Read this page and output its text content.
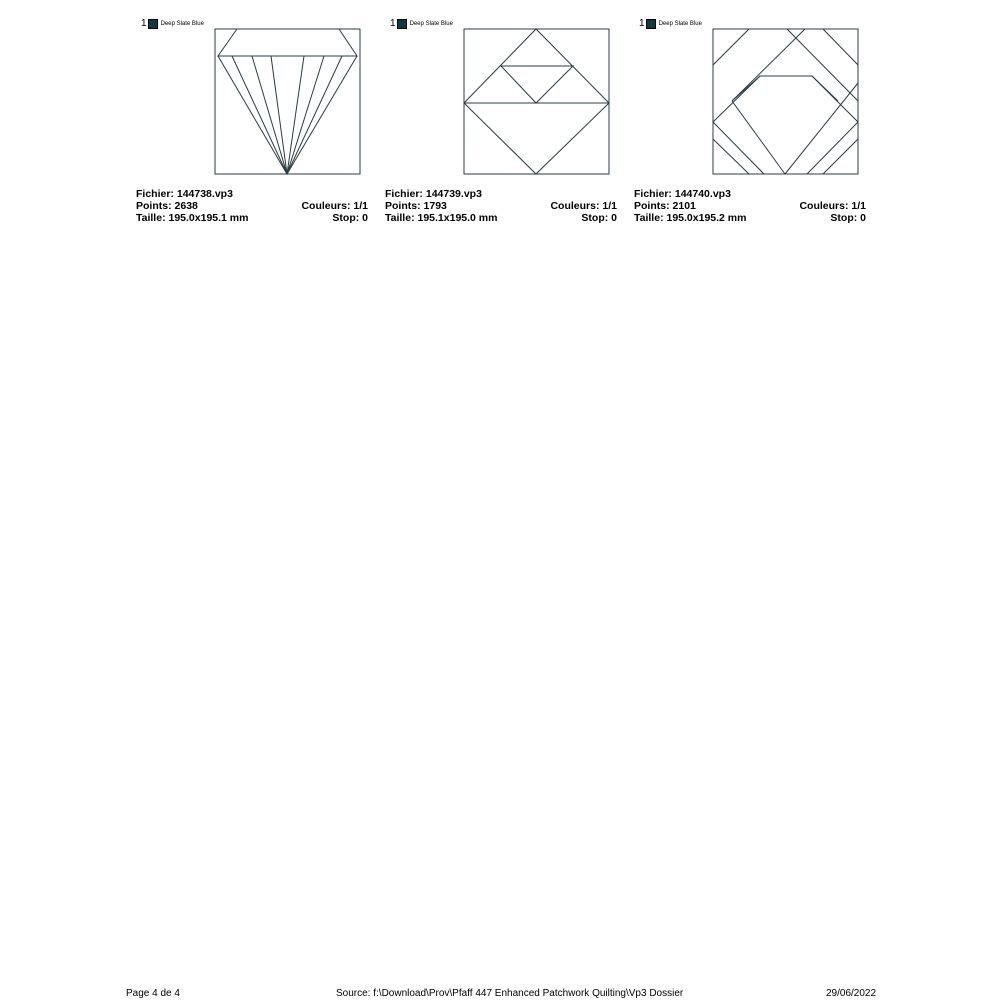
1 Deep Slate Blue
Fichier: 144738.vp3
Points: 2638	Couleurs: 1/1
Taille: 195.0x195.1 mm	Stop: 0
1 Deep Slate Blue
Fichier: 144739.vp3
Points: 1793	Couleurs: 1/1
Taille: 195.1x195.0 mm	Stop: 0
1 Deep Slate Blue
Fichier: 144740.vp3
Points: 2101	Couleurs: 1/1
Taille: 195.0x195.2 mm	Stop: 0
Page 4 de 4	Source: f:\Download\Prov\Pfaff 447 Enhanced Patchwork Quilting\Vp3 Dossier	29/06/2022
